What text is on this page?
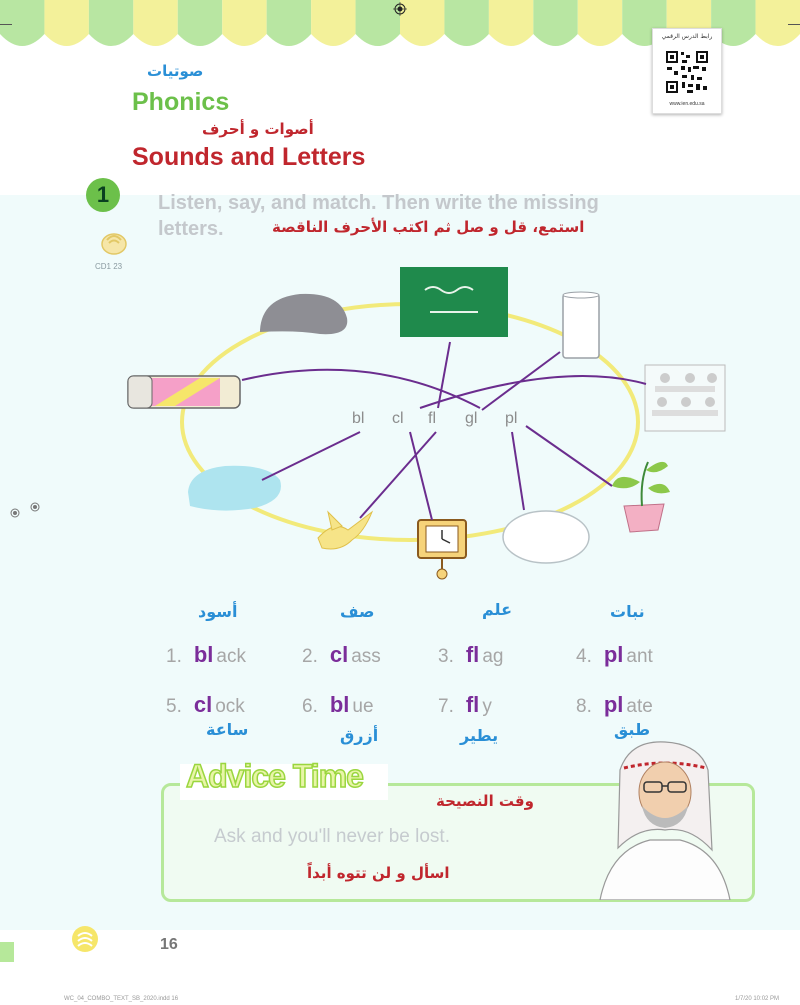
رابط الدرس الرقمي
www.ien.edu.sa
صوتيات
Phonics
أصوات و أحرف
Sounds and Letters
1	Listen, say, and match. Then write the missing
letters.	استمع، قل و صل ثم اكتب الأحرف الناقصة
CD1 23
bl cl fl gl pl
أسود	صف	علم	نبات
1. bl ack	2. cl ass	3. fl ag	4. pl ant
5. cl ock	6. bl ue	7. fl y	8. pl ate
ساعة	أزرق	يطير	طبق
Advice Time
وقت النصيحة
Ask and you'll never be lost.
اسأل و لن تتوه أبداً
16
WC_04_COMBO_TEXT_SB_2020.indd 16	1/7/20 10:02 PM
